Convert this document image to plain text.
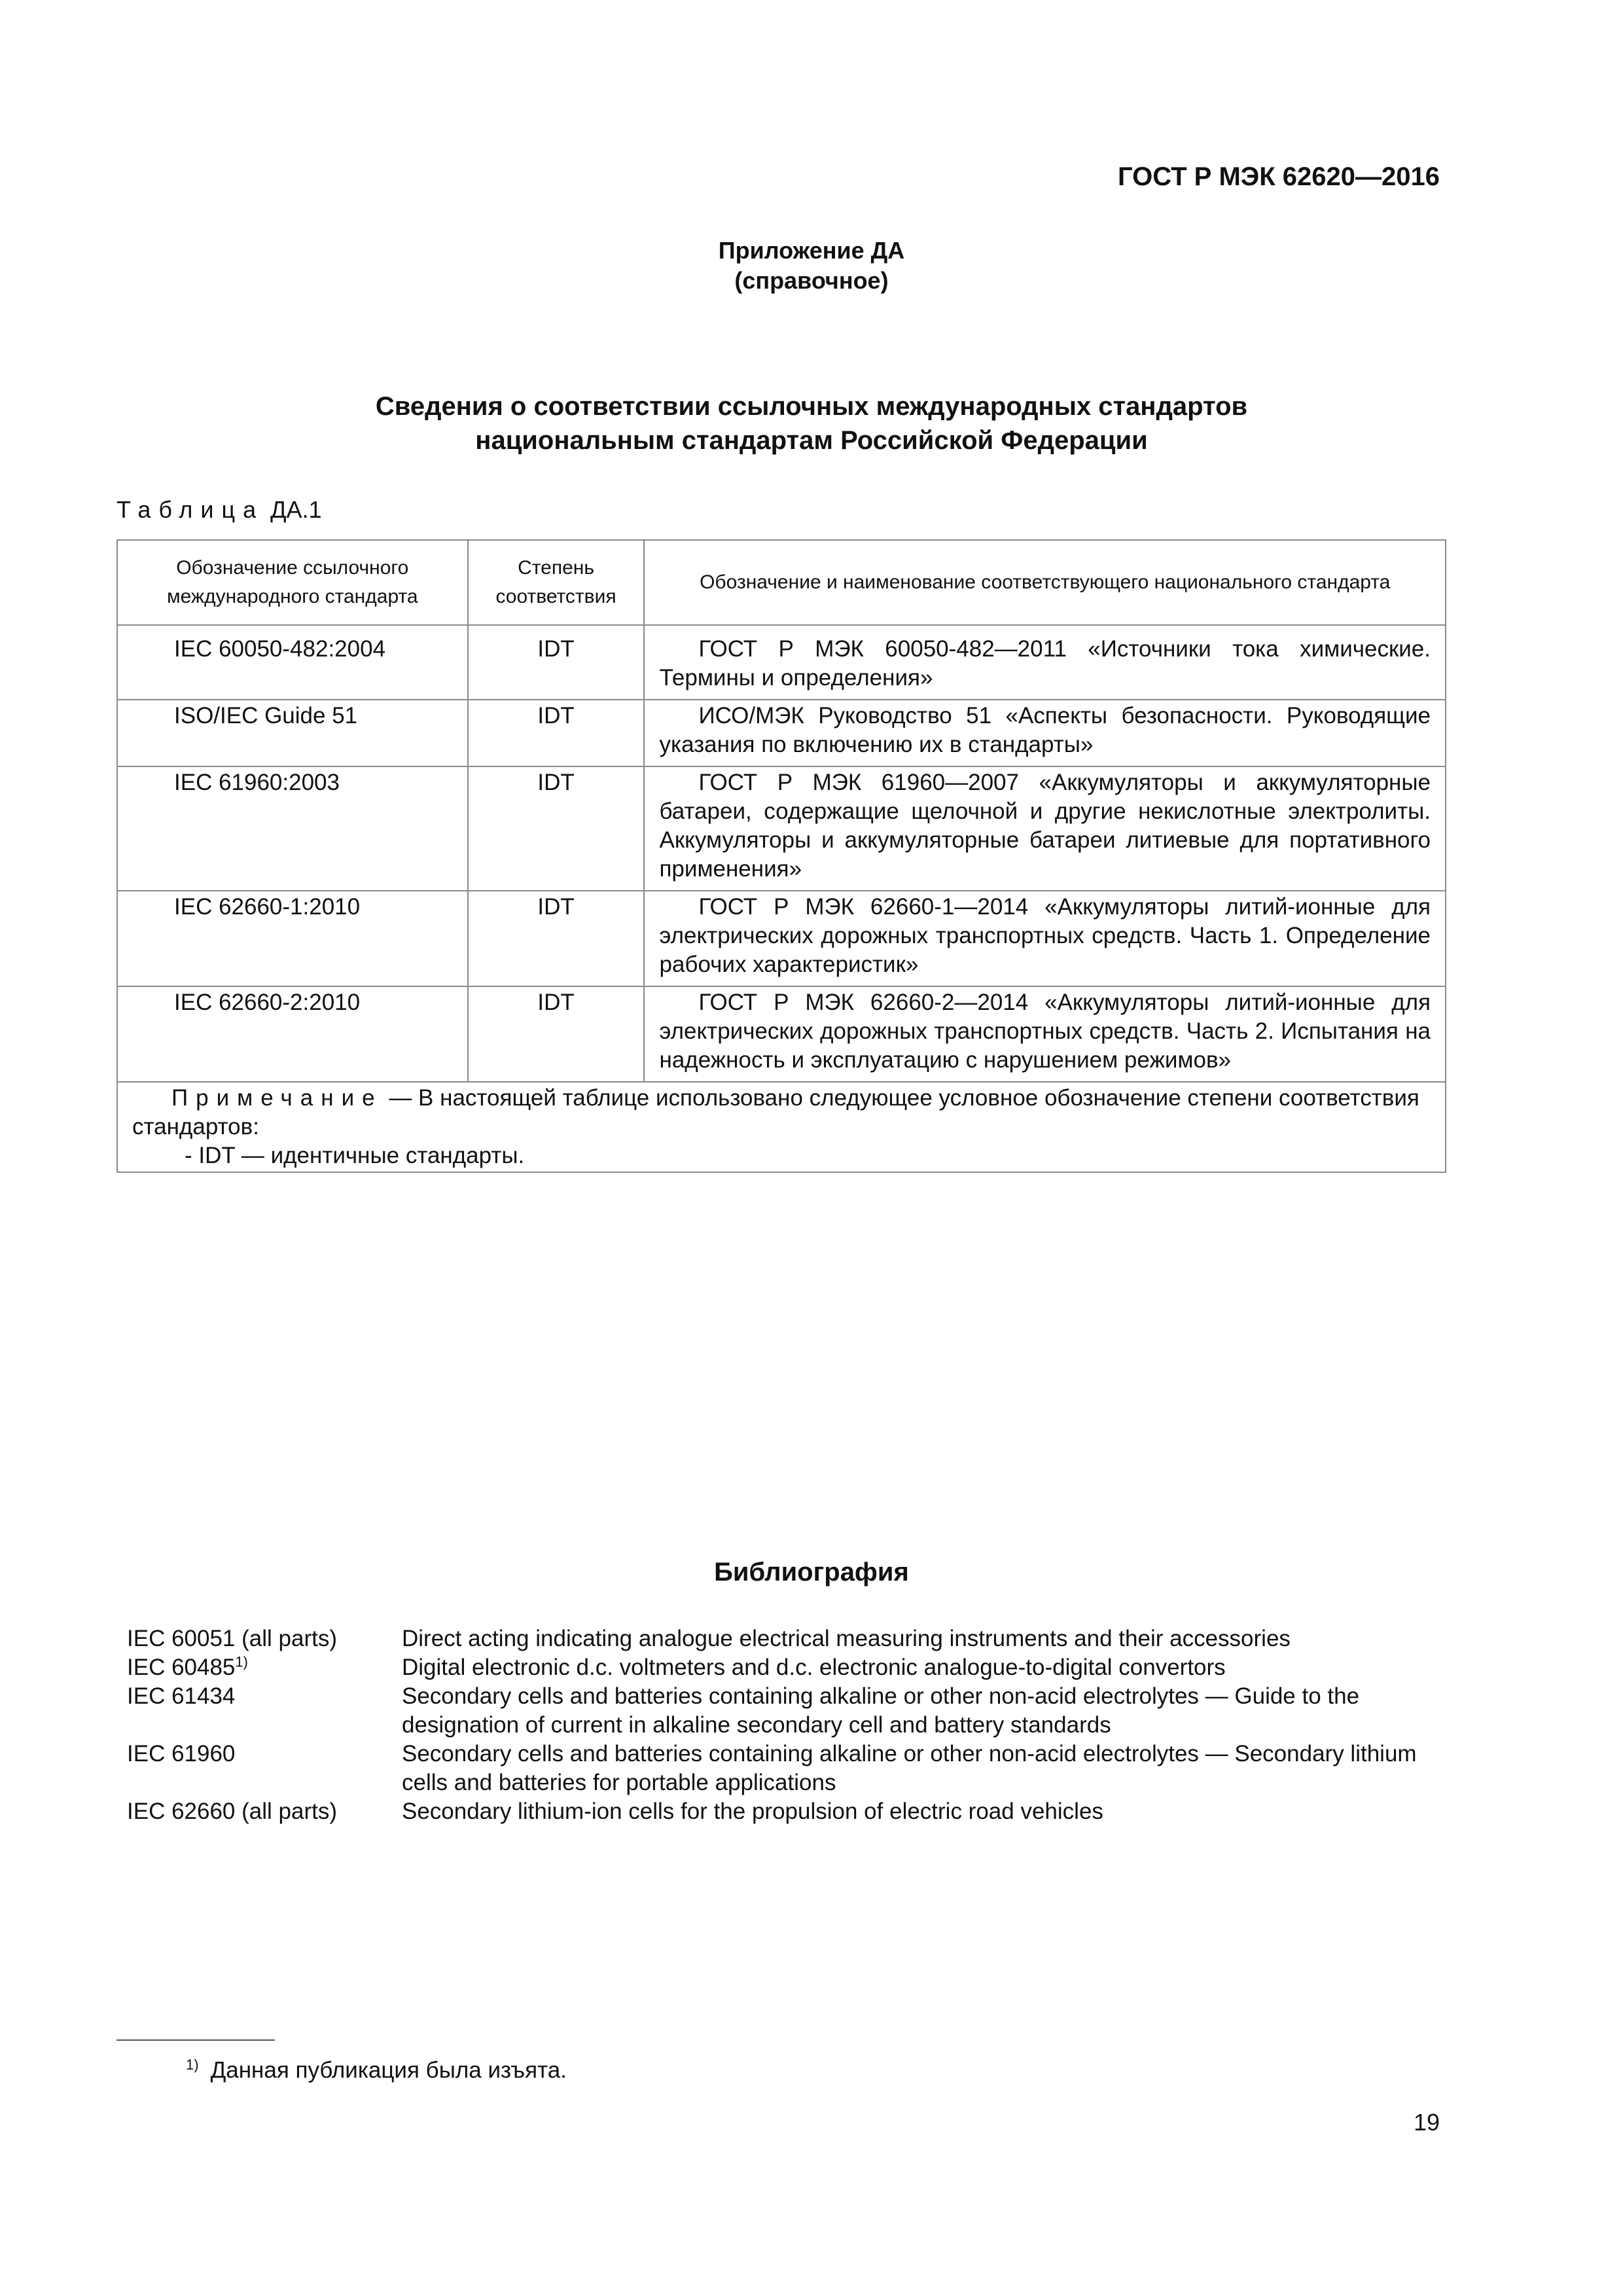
ГОСТ Р МЭК 62620—2016
Приложение ДА
(справочное)
Сведения о соответствии ссылочных международных стандартов
национальным стандартам Российской Федерации
Таблица ДА.1
Обозначение ссылочного международного стандарта	Степень соответствия	Обозначение и наименование соответствующего национального стандарта
IEC 60050-482:2004	IDT	ГОСТ Р МЭК 60050-482—2011 «Источники тока химические. Термины и определения»
ISO/IEC Guide 51	IDT	ИСО/МЭК Руководство 51 «Аспекты безопасности. Руководящие указания по включению их в стандарты»
IEC 61960:2003	IDT	ГОСТ Р МЭК 61960—2007 «Аккумуляторы и аккумуляторные батареи, содержащие щелочной и другие некислотные электролиты. Аккумуляторы и аккумуляторные батареи литиевые для портативного применения»
IEC 62660-1:2010	IDT	ГОСТ Р МЭК 62660-1—2014 «Аккумуляторы литий-ионные для электрических дорожных транспортных средств. Часть 1. Определение рабочих характеристик»
IEC 62660-2:2010	IDT	ГОСТ Р МЭК 62660-2—2014 «Аккумуляторы литий-ионные для электрических дорожных транспортных средств. Часть 2. Испытания на надежность и эксплуатацию с нарушением режимов»

Примечание — В настоящей таблице использовано следующее условное обозначение степени соответствия стандартов:
- IDT — идентичные стандарты.		
Библиография
IEC 60051 (all parts)	Direct acting indicating analogue electrical measuring instruments and their accessories
IEC 60485$^{1)}$	Digital electronic d.c. voltmeters and d.c. electronic analogue-to-digital convertors
IEC 61434	Secondary cells and batteries containing alkaline or other non-acid electrolytes — Guide to the designation of current in alkaline secondary cell and battery standards
IEC 61960	Secondary cells and batteries containing alkaline or other non-acid electrolytes — Secondary lithium cells and batteries for portable applications
IEC 62660 (all parts)	Secondary lithium-ion cells for the propulsion of electric road vehicles
$^{1)}$ Данная публикация была изъята.
19
